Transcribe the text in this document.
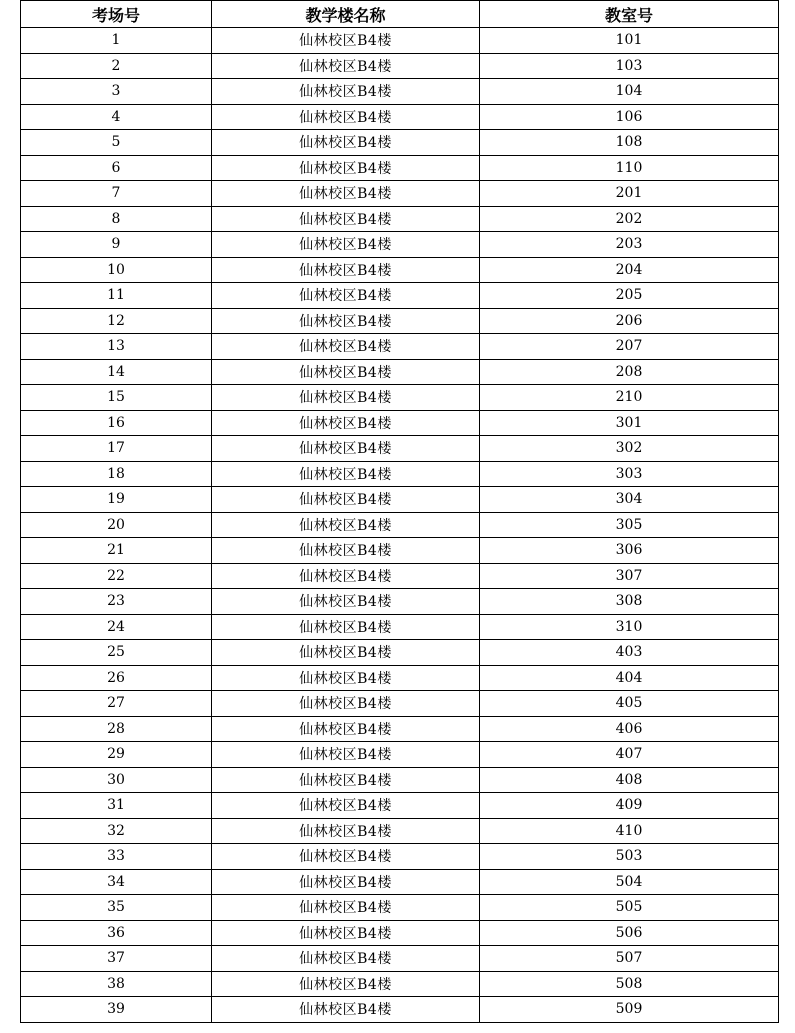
考场号	教学楼名称	教室号
1	仙林校区B4楼	101
2	仙林校区B4楼	103
3	仙林校区B4楼	104
4	仙林校区B4楼	106
5	仙林校区B4楼	108
6	仙林校区B4楼	110
7	仙林校区B4楼	201
8	仙林校区B4楼	202
9	仙林校区B4楼	203
10	仙林校区B4楼	204
11	仙林校区B4楼	205
12	仙林校区B4楼	206
13	仙林校区B4楼	207
14	仙林校区B4楼	208
15	仙林校区B4楼	210
16	仙林校区B4楼	301
17	仙林校区B4楼	302
18	仙林校区B4楼	303
19	仙林校区B4楼	304
20	仙林校区B4楼	305
21	仙林校区B4楼	306
22	仙林校区B4楼	307
23	仙林校区B4楼	308
24	仙林校区B4楼	310
25	仙林校区B4楼	403
26	仙林校区B4楼	404
27	仙林校区B4楼	405
28	仙林校区B4楼	406
29	仙林校区B4楼	407
30	仙林校区B4楼	408
31	仙林校区B4楼	409
32	仙林校区B4楼	410
33	仙林校区B4楼	503
34	仙林校区B4楼	504
35	仙林校区B4楼	505
36	仙林校区B4楼	506
37	仙林校区B4楼	507
38	仙林校区B4楼	508
39	仙林校区B4楼	509
